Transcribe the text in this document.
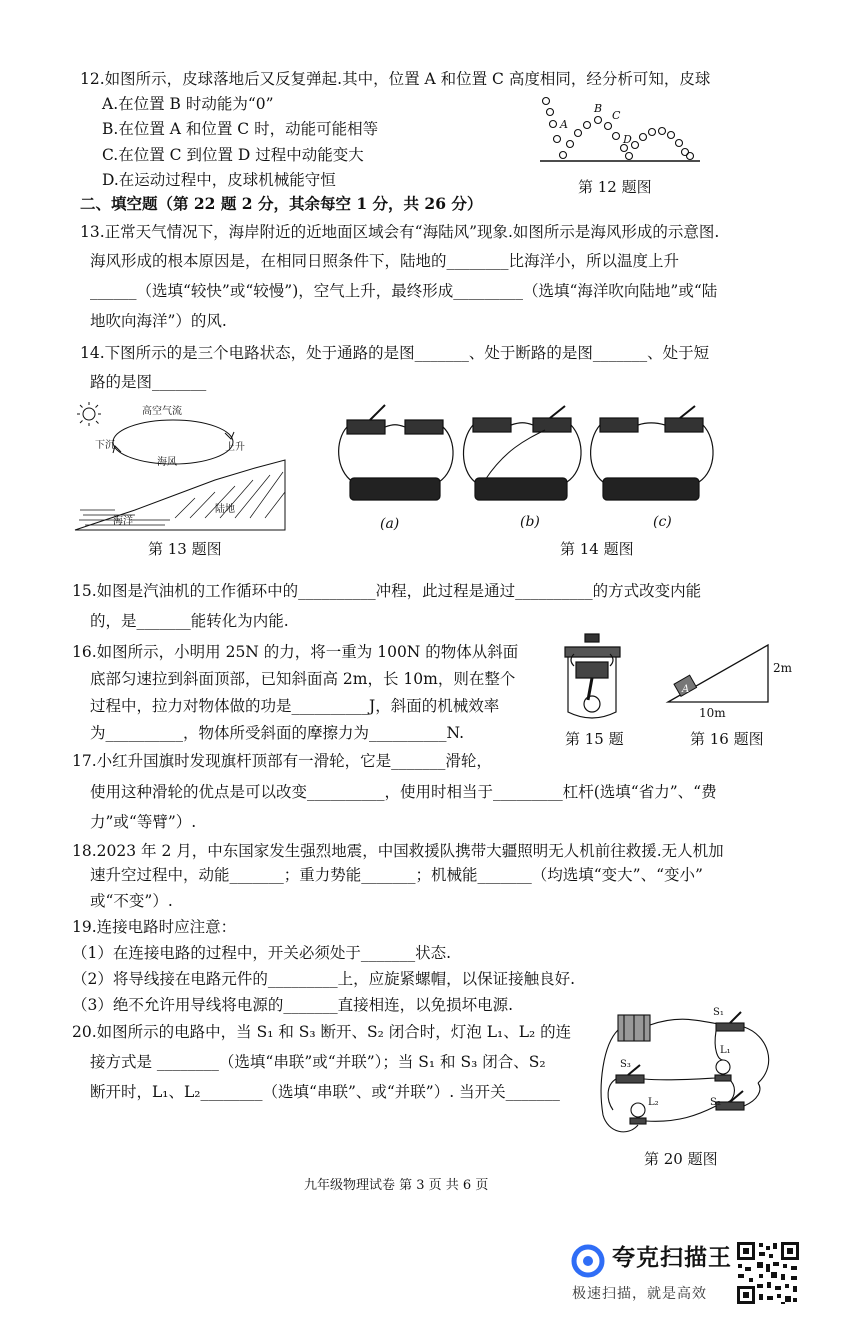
12.如图所示，皮球落地后又反复弹起.其中，位置 A 和位置 C 高度相同，经分析可知，皮球
A.在位置 B 时动能为“0”
B.在位置 A 和位置 C 时，动能可能相等
C.在位置 C 到位置 D 过程中动能变大
D.在运动过程中，皮球机械能守恒
A
B
C
D
第 12 题图
二、填空题（第 22 题 2 分，其余每空 1 分，共 26 分）
13.正常天气情况下，海岸附近的近地面区域会有“海陆风”现象.如图所示是海风形成的示意图.
海风形成的根本原因是，在相同日照条件下，陆地的________比海洋小，所以温度上升
______（选填“较快”或“较慢”)，空气上升，最终形成_________（选填“海洋吹向陆地”或“陆
地吹向海洋”）的风.
14.下图所示的是三个电路状态，处于通路的是图_______、处于断路的是图_______、处于短
路的是图_______
高空气流
下沉	上升
海风
陆地
海洋
第 13 题图
(a)	(b)	(c)
第 14 题图
15.如图是汽油机的工作循环中的__________冲程，此过程是通过__________的方式改变内能
的，是_______能转化为内能.
16.如图所示，小明用 25N 的力，将一重为 100N 的物体从斜面
底部匀速拉到斜面顶部，已知斜面高 2m，长 10m，则在整个
过程中，拉力对物体做的功是__________J，斜面的机械效率
为__________，物体所受斜面的摩擦力为__________N.	第 15 题
A
10m
2m
第 16 题图
17.小红升国旗时发现旗杆顶部有一滑轮，它是_______滑轮，
使用这种滑轮的优点是可以改变__________，使用时相当于_________杠杆(选填“省力”、“费
力”或“等臂”）.
18.2023 年 2 月，中东国家发生强烈地震，中国救援队携带大疆照明无人机前往救援.无人机加
速升空过程中，动能_______；重力势能_______；机械能_______（均选填“变大”、“变小”
或“不变”）.
19.连接电路时应注意：
（1）在连接电路的过程中，开关必须处于_______状态.
（2）将导线接在电路元件的_________上，应旋紧螺帽，以保证接触良好.
（3）绝不允许用导线将电源的_______直接相连，以免损坏电源.
20.如图所示的电路中，当 S₁ 和 S₃ 断开、S₂ 闭合时，灯泡 L₁、L₂ 的连
接方式是 ________（选填“串联”或“并联”）；当 S₁ 和 S₃ 闭合、S₂
断开时，L₁、L₂________（选填“串联”、或“并联”）. 当开关_______
S₁
L₁
S₃
S₂
L₂
第 20 题图
九年级物理试卷 第 3 页 共 6 页
夸克扫描王
极速扫描，就是高效
